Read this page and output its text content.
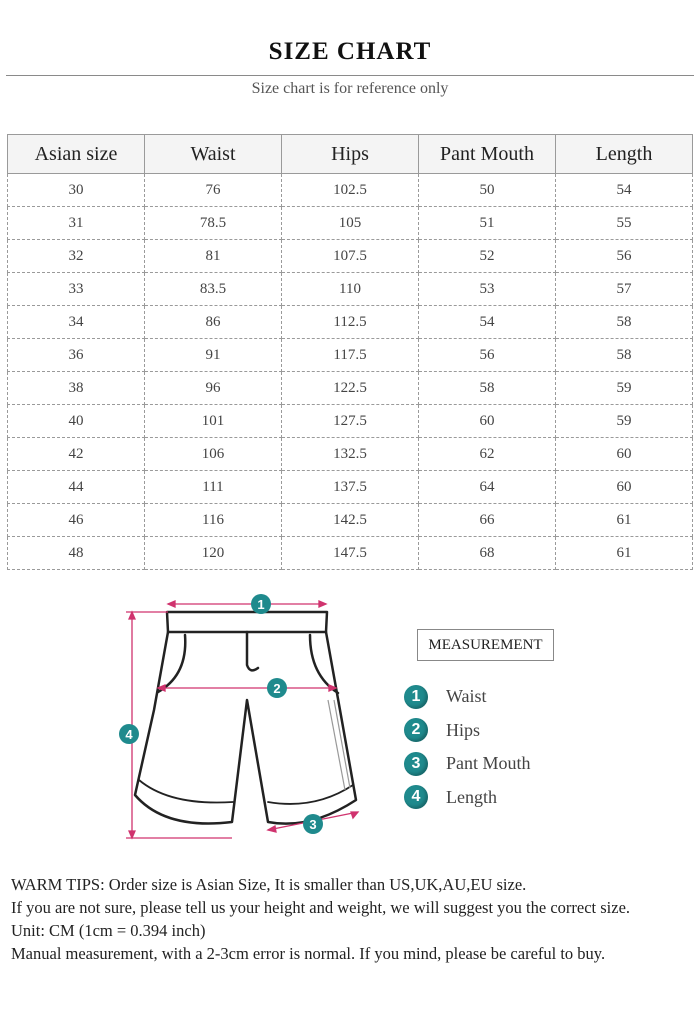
SIZE CHART
Size chart is for reference only
Asian size	Waist	Hips	Pant Mouth	Length
30	76	102.5	50	54
31	78.5	105	51	55
32	81	107.5	52	56
33	83.5	110	53	57
34	86	112.5	54	58
36	91	117.5	56	58
38	96	122.5	58	59
40	101	127.5	60	59
42	106	132.5	62	60
44	111	137.5	64	60
46	116	142.5	66	61
48	120	147.5	68	61
1
2
3
4
MEASUREMENT
1	Waist
2	Hips
3	Pant Mouth
4	Length

WARM TIPS: Order size is Asian Size, It is smaller than US,UK,AU,EU size.

If you are not sure, please tell us your height and weight, we will suggest you the correct size.

Unit: CM (1cm = 0.394 inch)

Manual measurement, with a 2-3cm error is normal. If you mind, please be careful to buy.
